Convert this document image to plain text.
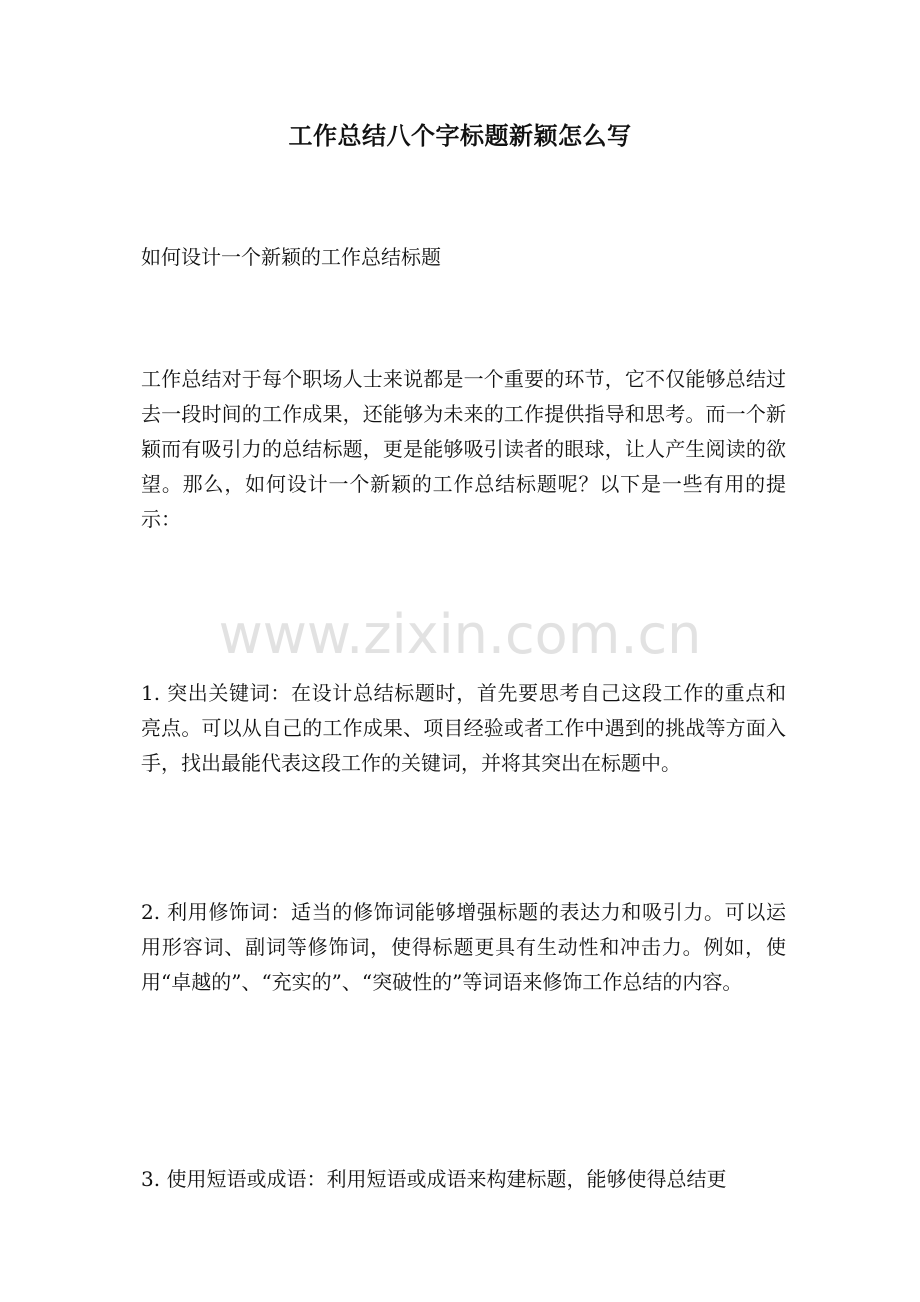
工作总结八个字标题新颖怎么写
如何设计一个新颖的工作总结标题
工作总结对于每个职场人士来说都是一个重要的环节，它不仅能够总结过去一段时间的工作成果，还能够为未来的工作提供指导和思考。而一个新颖而有吸引力的总结标题，更是能够吸引读者的眼球，让人产生阅读的欲望。那么，如何设计一个新颖的工作总结标题呢？以下是一些有用的提示：
www.zixin.com.cn
1. 突出关键词：在设计总结标题时，首先要思考自己这段工作的重点和亮点。可以从自己的工作成果、项目经验或者工作中遇到的挑战等方面入手，找出最能代表这段工作的关键词，并将其突出在标题中。
2. 利用修饰词：适当的修饰词能够增强标题的表达力和吸引力。可以运用形容词、副词等修饰词，使得标题更具有生动性和冲击力。例如，使用“卓越的”、“充实的”、“突破性的”等词语来修饰工作总结的内容。
3. 使用短语或成语：利用短语或成语来构建标题，能够使得总结更
